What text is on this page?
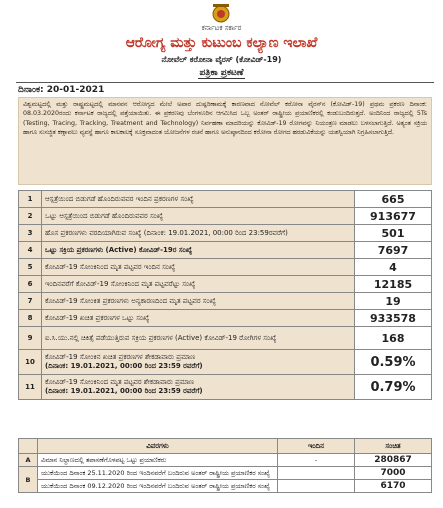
ಕರ್ನಾಟಕ ಸರ್ಕಾರ
ಆರೋಗ್ಯ ಮತ್ತು ಕುಟುಂಬ ಕಲ್ಯಾಣ ಇಲಾಖೆ
ನೋವೆಲ್ ಕರೋನಾ ವೈರಸ್ (ಕೋವಿಡ್-19)
ಪತ್ರಿಕಾ ಪ್ರಕಟಣೆ
ದಿನಾಂಕ: 20-01-2021
ವಿಶ್ವಮಟ್ಟದಲ್ಲಿ ಮತ್ತು ರಾಷ್ಟ್ರಮಟ್ಟದಲ್ಲಿ ಮಾನವನ ಆರೋಗ್ಯದ ಮೇಲೆ ಅಪಾರ ದುಷ್ಪರಿಣಾಮಕ್ಕೆ ಕಾರಣವಾದ ನೋವೆಲ್ ಕರೋನಾ ವೈರಸ್‌ನ (ಕೋವಿಡ್-19) ಪ್ರಥಮ ಪ್ರಕರಣ ದಿನಾಂಕ: 08.03.2020ರಂದು ಕರ್ನಾಟಕ ರಾಜ್ಯದಲ್ಲಿ ಪತ್ತೆಯಾಯಿತು. ಈ ಪ್ರಕರಣವು ಬೆಂಗಳೂರಿನ ಆಗಮಿಸಿದ ಒಬ್ಬ ಅಂತರ್ ರಾಷ್ಟ್ರೀಯ ಪ್ರಯಾಣಿಕರಲ್ಲಿ ಕಂಡುಬಂದಿರುತ್ತದೆ. ಅಂದಿನಿಂದ ರಾಜ್ಯದಲ್ಲಿ 5Ts (Testing, Tracing, Tracking, Treatment and Technology) ನಿರ್ವಹಣಾ ಮಾದರಿಯನ್ನು ಕೋವಿಡ್-19 ರೋಗವನ್ನು ನಿಯಂತ್ರಣ ಮಾಡಲು ಬಳಸಲಾಗುತ್ತಿದೆ. ಅತ್ಯಂತ ಸಕ್ರಿಯ ಹಾಗೂ ಸುಸಜ್ಜಿತ ಕಣ್ಗಾವಲು ವ್ಯವಸ್ಥೆ ಹಾಗೂ ಕಾಲಕಾಲಕ್ಕೆ ಸೂಕ್ತವಾದಂತ ಯೋಜನೆಗಳ ರಚನೆ ಹಾಗೂ ಅನುಷ್ಠಾನದಿಂದ ಕರೋನಾ ರೋಗದ ಹರಡುವಿಕೆಯನ್ನು ಯಶಸ್ವಿಯಾಗಿ ನಿಗ್ರಹಿಸಲಾಗುತ್ತಿದೆ.
1	ಆಸ್ಪತ್ರೆಯಿಂದ ಬಿಡುಗಡೆ ಹೊಂದಿರುವವರ ಇಂದಿನ ಪ್ರಕರಣಗಳ ಸಂಖ್ಯೆ	665
2	ಒಟ್ಟು ಆಸ್ಪತ್ರೆಯಿಂದ ಬಿಡುಗಡೆ ಹೊಂದಿರುವವರ ಸಂಖ್ಯೆ	913677
3	ಹೊಸ ಪ್ರಕರಣಗಳು ವರದಿಯಾಗಿರುವ ಸಂಖ್ಯೆ (ದಿನಾಂಕ: 19.01.2021, 00:00 ರಿಂದ 23:59ರವರೆಗೆ)	501
4	ಒಟ್ಟು ಸಕ್ರಿಯ ಪ್ರಕರಣಗಳು (Active) ಕೋವಿಡ್-19ರ ಸಂಖ್ಯೆ	7697
5	ಕೋವಿಡ್-19 ಸೋಂಕಿನಿಂದ ಮೃತ ಪಟ್ಟವರ ಇಂದಿನ ಸಂಖ್ಯೆ	4
6	ಇಂದಿನವರೆಗೆ ಕೋವಿಡ್-19 ಸೋಂಕಿನಿಂದ ಮೃತ ಪಟ್ಟವರೆಟ್ಟು ಸಂಖ್ಯೆ	12185
7	ಕೋವಿಡ್-19 ಸೋಂಕಿತ ಪ್ರಕರಣಗಳು ಅನ್ಯಕಾರಣದಿಂದ ಮೃತ ಪಟ್ಟವರ ಸಂಖ್ಯೆ	19
8	ಕೋವಿಡ್-19 ಖಚಿತ ಪ್ರಕರಣಗಳ ಒಟ್ಟು ಸಂಖ್ಯೆ	933578
9	ಐ.ಸಿ.ಯು.ನಲ್ಲಿ ಚಿಕಿತ್ಸೆ ಪಡೆಯುತ್ತಿರುವ ಸಕ್ರಿಯ ಪ್ರಕರಣಗಳ (Active) ಕೋವಿಡ್-19 ರೋಗಿಗಳ ಸಂಖ್ಯೆ	168
10	ಕೋವಿಡ್-19 ಸೋಂಕಿನ ಖಚಿತ ಪ್ರಕರಣಗಳ ಶೇಕಡಾವಾರು ಪ್ರಮಾಣ
(ದಿನಾಂಕ: 19.01.2021, 00:00 ರಿಂದ 23:59 ರವರೆಗೆ)	0.59%
11	ಕೋವಿಡ್-19 ಸೋಂಕಿನಿಂದ ಮೃತ ಪಟ್ಟವರ ಶೇಕಡಾವಾರು ಪ್ರಮಾಣ
(ದಿನಾಂಕ: 19.01.2021, 00:00 ರಿಂದ 23:59 ರವರೆಗೆ)	0.79%
	ವಿವರಗಳು	ಇಂದಿನ	ಸಂಚಿತ
A	ವಿಮಾನ ನಿಲ್ದಾಣದಲ್ಲಿ ತಪಾಸಣೆಗೊಳಪಟ್ಟ ಒಟ್ಟು ಪ್ರಯಾಣಿಕರು	-	280867
B	ಯುಕೆಯಿಂದ ದಿನಾಂಕ 25.11.2020 ರಿಂದ ಇಂದಿನವರೆಗೆ ಬಂದಿರುವ ಅಂತರ್ ರಾಷ್ಟ್ರೀಯ ಪ್ರಯಾಣಿಕರ ಸಂಖ್ಯೆ		7000
	ಯುಕೆಯಿಂದ ದಿನಾಂಕ 09.12.2020 ರಿಂದ ಇಂದಿನವರೆಗೆ ಬಂದಿರುವ ಅಂತರ್ ರಾಷ್ಟ್ರೀಯ ಪ್ರಯಾಣಿಕರ ಸಂಖ್ಯೆ		6170
